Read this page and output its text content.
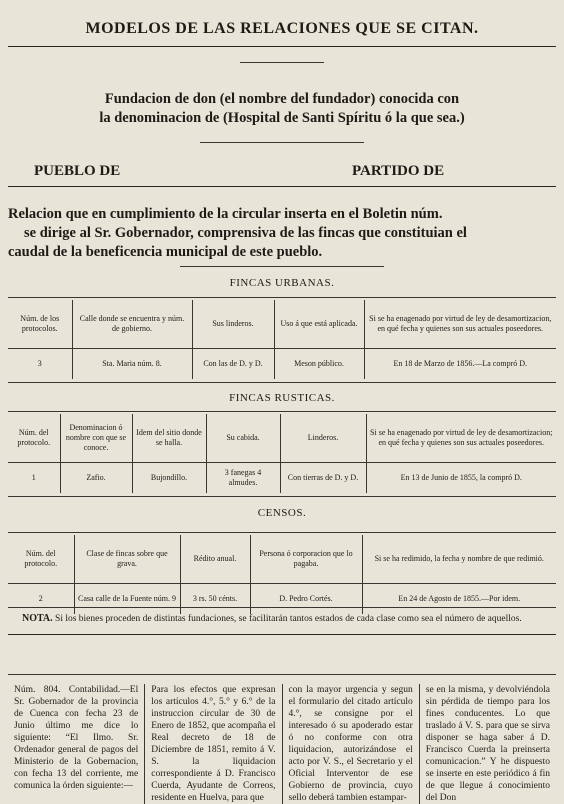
MODELOS DE LAS RELACIONES QUE SE CITAN.
Fundacion de don (el nombre del fundador) conocida con
la denominacion de (Hospital de Santi Spíritu ó la que sea.)
PUEBLO DE	PARTIDO DE
Relacion que en cumplimiento de la circular inserta en el Boletin núm.
se dirige al Sr. Gobernador, comprensiva de las fincas que constituian el
caudal de la beneficencia municipal de este pueblo.
FINCAS URBANAS.
Núm. de los protocolos.	Calle donde se encuentra y núm. de gobierno.	Sus linderos.	Uso á que está aplicada.	Si se ha enagenado por virtud de ley de desamortizacion, en qué fecha y quienes son sus actuales poseedores.
3	Sta. Maria núm. 8.	Con las de D. y D.	Meson público.	En 18 de Marzo de 1856.—La compró D.
FINCAS RUSTICAS.
Núm. del protocolo.	Denominacion ó nombre con que se conoce.	Idem del sitio donde se halla.	Su cabida.	Linderos.	Si se ha enagenado por virtud de ley de desamortizacion; en qué fecha y quienes son sus actuales poseedores.
1	Zafio.	Bujondillo.	3 fanegas 4 almudes.	Con tierras de D. y D.	En 13 de Junio de 1855, la compró D.
CENSOS.
Núm. del protocolo.	Clase de fincas sobre que grava.	Rédito anual.	Persona ó corporacion que lo pagaba.	Si se ha redimido, la fecha y nombre de que redimió.
2	Casa calle de la Fuente núm. 9	3 rs. 50 cénts.	D. Pedro Cortés.	En 24 de Agosto de 1855.—Por idem.
NOTA. Si los bienes proceden de distintas fundaciones, se facilitarán tantos estados de cada clase como sea el número de aquellos.

Núm. 804. Contabilidad.—El Sr. Gobernador de la provincia de Cuenca con fecha 23 de Junio último me dice lo siguiente: “El Ilmo. Sr. Ordenador general de pagos del Ministerio de la Gobernacion, con fecha 13 del corriente, me comunica la órden siguiente:—

Para los efectos que expresan los artículos 4.°, 5.° y 6.° de la instruccion circular de 30 de Enero de 1852, que acompaña el Real decreto de 18 de Diciembre de 1851, remito á V. S. la liquidacion correspondiente á D. Francisco Cuerda, Ayudante de Correos, residente en Huelva, para que

con la mayor urgencia y segun el formulario del citado artículo 4.°, se consigne por el interesado ó su apoderado estar ó no conforme con otra liquidacion, autorizándose el acto por V. S., el Secretario y el Oficial Interventor de ese Gobierno de provincia, cuyo sello deberá tambien estampar-

se en la misma, y devolviéndola sin pérdida de tiempo para los fines conducentes. Lo que traslado á V. S. para que se sirva disponer se haga saber á D. Francisco Cuerda la preinserta comunicacion.” Y he dispuesto se inserte en este periódico á fin de que llegue á conocimiento del Don
